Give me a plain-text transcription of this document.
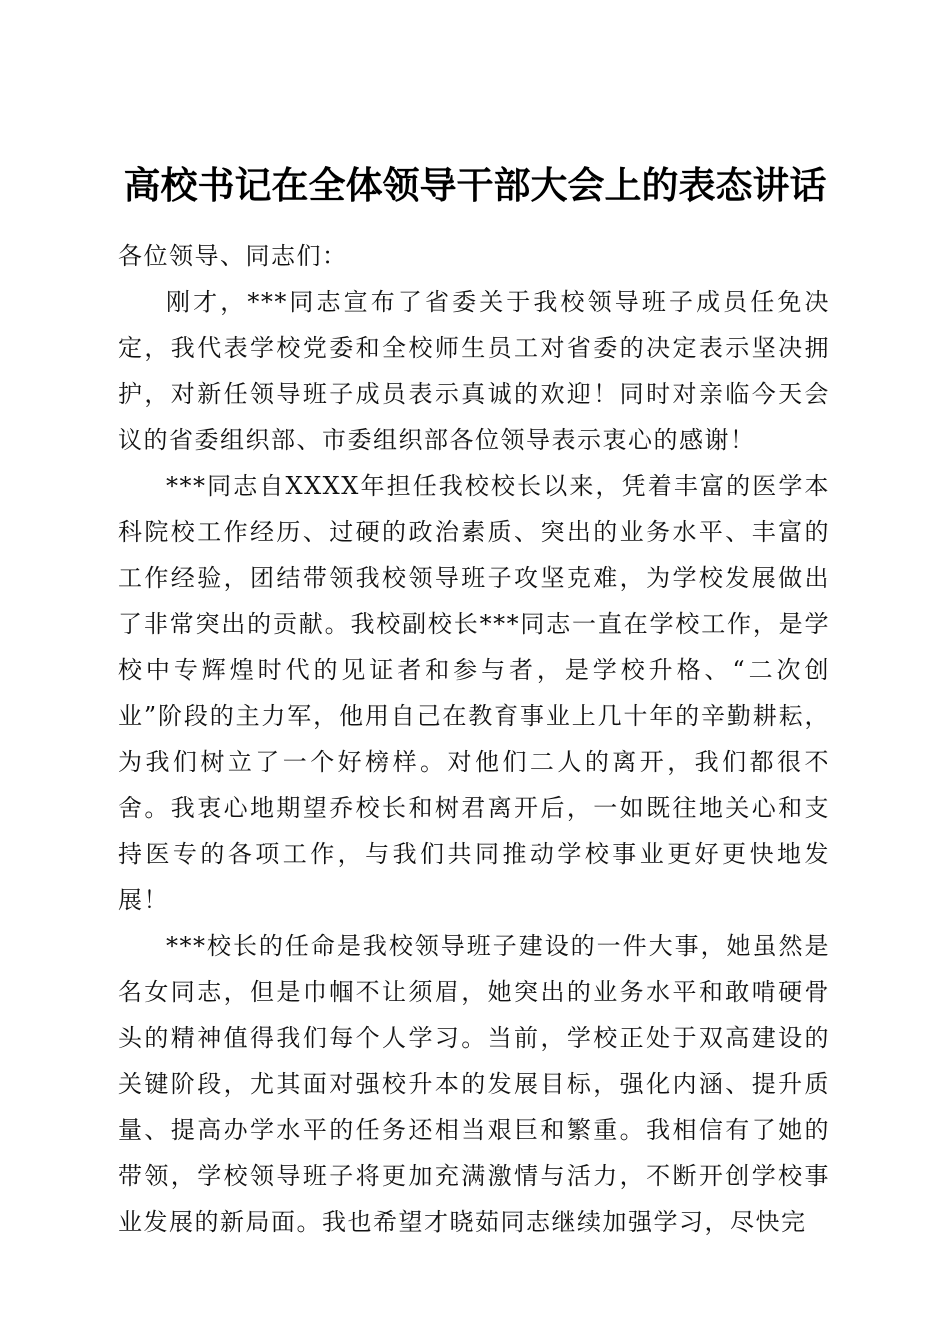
高校书记在全体领导干部大会上的表态讲话

各位领导、同志们：

刚才，***同志宣布了省委关于我校领导班子成员任免决定，我代表学校党委和全校师生员工对省委的决定表示坚决拥护，对新任领导班子成员表示真诚的欢迎！同时对亲临今天会议的省委组织部、市委组织部各位领导表示衷心的感谢！

***同志自XXXX年担任我校校长以来，凭着丰富的医学本科院校工作经历、过硬的政治素质、突出的业务水平、丰富的工作经验，团结带领我校领导班子攻坚克难，为学校发展做出了非常突出的贡献。我校副校长***同志一直在学校工作，是学校中专辉煌时代的见证者和参与者，是学校升格、“二次创业”阶段的主力军，他用自己在教育事业上几十年的辛勤耕耘，为我们树立了一个好榜样。对他们二人的离开，我们都很不舍。我衷心地期望乔校长和树君离开后，一如既往地关心和支持医专的各项工作，与我们共同推动学校事业更好更快地发展！

***校长的任命是我校领导班子建设的一件大事，她虽然是名女同志，但是巾帼不让须眉，她突出的业务水平和敢啃硬骨头的精神值得我们每个人学习。当前，学校正处于双高建设的关键阶段，尤其面对强校升本的发展目标，强化内涵、提升质量、提高办学水平的任务还相当艰巨和繁重。我相信有了她的带领，学校领导班子将更加充满激情与活力，不断开创学校事业发展的新局面。我也希望才晓茹同志继续加强学习，尽快完
